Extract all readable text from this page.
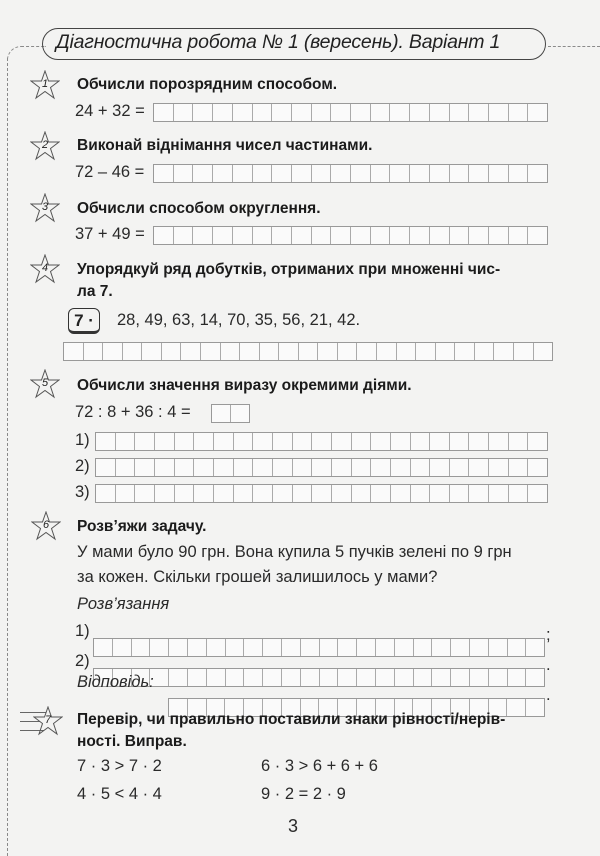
Діагностична робота № 1 (вересень). Варіант 1
1	Обчисли порозрядним способом.
24 + 32 =
2	Виконай віднімання чисел частинами.
72 – 46 =
3	Обчисли способом округлення.
37 + 49 =
4	Упорядкуй ряд добутків, отриманих при множенні чис-
ла 7.
7 ·	28, 49, 63, 14, 70, 35, 56, 21, 42.
5	Обчисли значення виразу окремими діями.
72 : 8 + 36 : 4 =
1)
2)
3)
6	Розв’яжи задачу.
У мами було 90 грн. Вона купила 5 пучків зелені по 9 грн
за кожен. Скільки грошей залишилось у мами?
Розв’язання
1)	;
2)	.
Відповідь:
.
7	Перевір, чи правильно поставили знаки рівності/нерів-
ності. Виправ.
7 · 3 > 7 · 2	6 · 3 > 6 + 6 + 6
4 · 5 < 4 · 4	9 · 2 = 2 · 9
3
